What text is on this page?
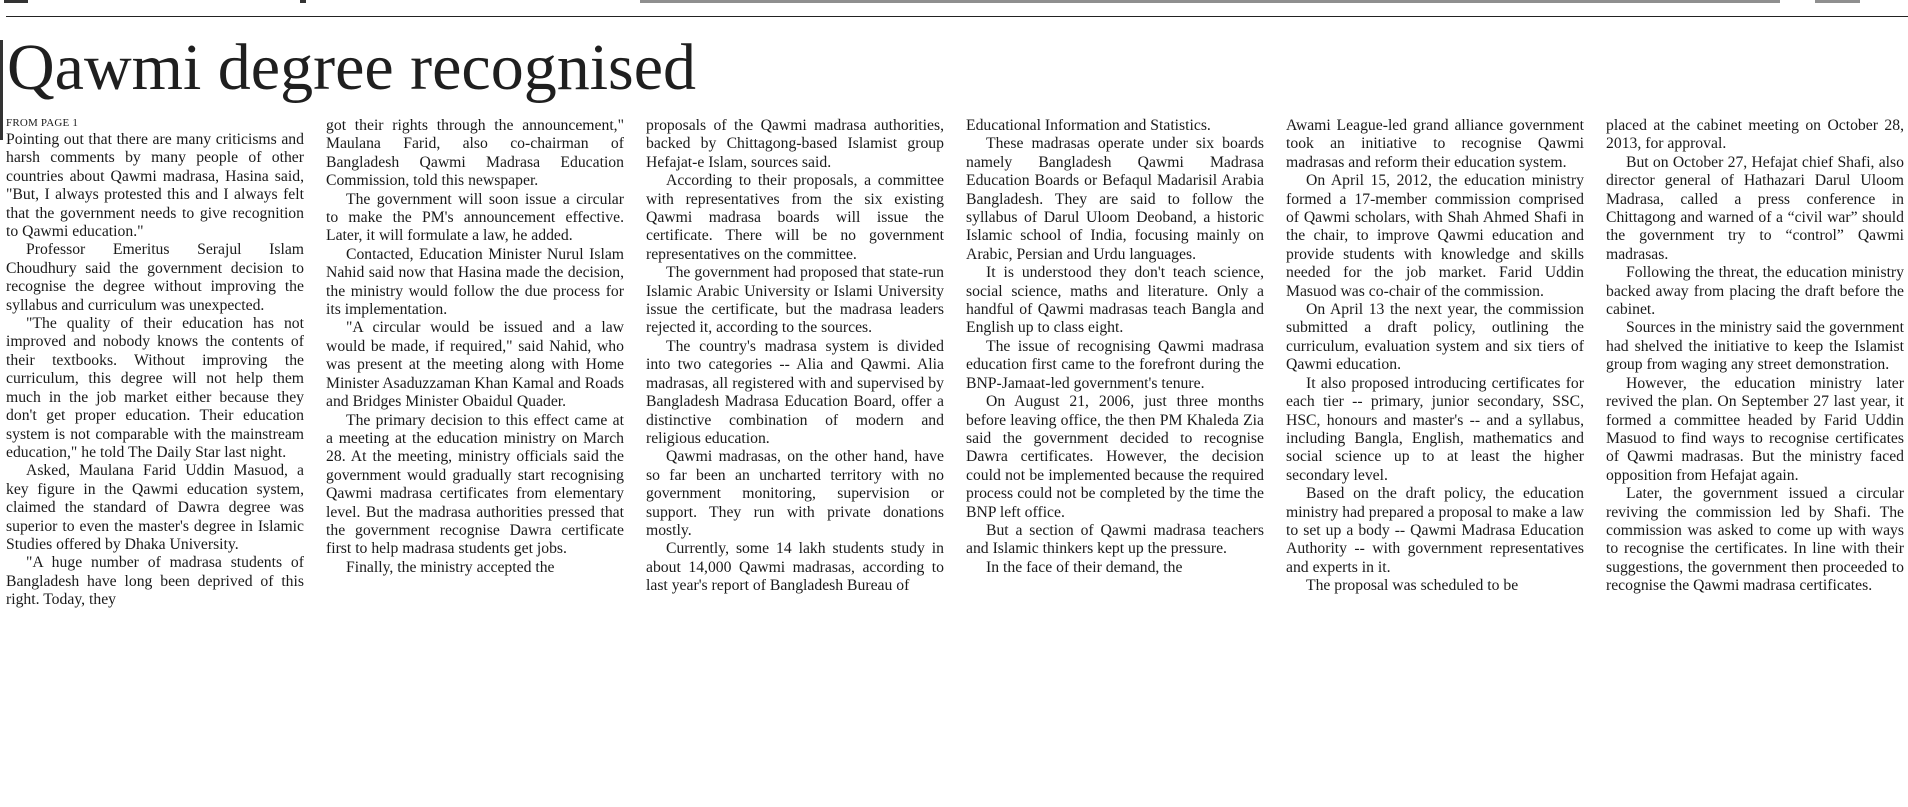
Qawmi degree recognised
FROM PAGE 1

Pointing out that there are many criticisms and harsh comments by many people of other countries about Qawmi madrasa, Hasina said, "But, I always protested this and I always felt that the government needs to give recognition to Qawmi education."

Professor Emeritus Serajul Islam Choudhury said the government decision to recognise the degree without improving the syllabus and curriculum was unexpected.

"The quality of their education has not improved and nobody knows the contents of their textbooks. Without improving the curriculum, this degree will not help them much in the job market either because they don't get proper education. Their education system is not comparable with the mainstream education," he told The Daily Star last night.

Asked, Maulana Farid Uddin Masuod, a key figure in the Qawmi education system, claimed the standard of Dawra degree was superior to even the master's degree in Islamic Studies offered by Dhaka University.

"A huge number of madrasa students of Bangladesh have long been deprived of this right. Today, they

got their rights through the announcement," Maulana Farid, also co-chairman of Bangladesh Qawmi Madrasa Education Commission, told this newspaper.

The government will soon issue a circular to make the PM's announcement effective. Later, it will formulate a law, he added.

Contacted, Education Minister Nurul Islam Nahid said now that Hasina made the decision, the ministry would follow the due process for its implementation.

"A circular would be issued and a law would be made, if required," said Nahid, who was present at the meeting along with Home Minister Asaduzzaman Khan Kamal and Roads and Bridges Minister Obaidul Quader.

The primary decision to this effect came at a meeting at the education ministry on March 28. At the meeting, ministry officials said the government would gradually start recognising Qawmi madrasa certificates from elementary level. But the madrasa authorities pressed that the government recognise Dawra certificate first to help madrasa students get jobs.

Finally, the ministry accepted the

proposals of the Qawmi madrasa authorities, backed by Chittagong-based Islamist group Hefajat-e Islam, sources said.

According to their proposals, a committee with representatives from the six existing Qawmi madrasa boards will issue the certificate. There will be no government representatives on the committee.

The government had proposed that state-run Islamic Arabic University or Islami University issue the certificate, but the madrasa leaders rejected it, according to the sources.

The country's madrasa system is divided into two categories -- Alia and Qawmi. Alia madrasas, all registered with and supervised by Bangladesh Madrasa Education Board, offer a distinctive combination of modern and religious education.

Qawmi madrasas, on the other hand, have so far been an uncharted territory with no government monitoring, supervision or support. They run with private donations mostly.

Currently, some 14 lakh students study in about 14,000 Qawmi madrasas, according to last year's report of Bangladesh Bureau of

Educational Information and Statistics.

These madrasas operate under six boards namely Bangladesh Qawmi Madrasa Education Boards or Befaqul Madarisil Arabia Bangladesh. They are said to follow the syllabus of Darul Uloom Deoband, a historic Islamic school of India, focusing mainly on Arabic, Persian and Urdu languages.

It is understood they don't teach science, social science, maths and literature. Only a handful of Qawmi madrasas teach Bangla and English up to class eight.

The issue of recognising Qawmi madrasa education first came to the forefront during the BNP-Jamaat-led government's tenure.

On August 21, 2006, just three months before leaving office, the then PM Khaleda Zia said the government decided to recognise Dawra certificates. However, the decision could not be implemented because the required process could not be completed by the time the BNP left office.

But a section of Qawmi madrasa teachers and Islamic thinkers kept up the pressure.

In the face of their demand, the

Awami League-led grand alliance government took an initiative to recognise Qawmi madrasas and reform their education system.

On April 15, 2012, the education ministry formed a 17-member commission comprised of Qawmi scholars, with Shah Ahmed Shafi in the chair, to improve Qawmi education and provide students with knowledge and skills needed for the job market. Farid Uddin Masuod was co-chair of the commission.

On April 13 the next year, the commission submitted a draft policy, outlining the curriculum, evaluation system and six tiers of Qawmi education.

It also proposed introducing certificates for each tier -- primary, junior secondary, SSC, HSC, honours and master's -- and a syllabus, including Bangla, English, mathematics and social science up to at least the higher secondary level.

Based on the draft policy, the education ministry had prepared a proposal to make a law to set up a body -- Qawmi Madrasa Education Authority -- with government representatives and experts in it.

The proposal was scheduled to be

placed at the cabinet meeting on October 28, 2013, for approval.

But on October 27, Hefajat chief Shafi, also director general of Hathazari Darul Uloom Madrasa, called a press conference in Chittagong and warned of a “civil war” should the government try to “control” Qawmi madrasas.

Following the threat, the education ministry backed away from placing the draft before the cabinet.

Sources in the ministry said the government had shelved the initiative to keep the Islamist group from waging any street demonstration.

However, the education ministry later revived the plan. On September 27 last year, it formed a committee headed by Farid Uddin Masuod to find ways to recognise certificates of Qawmi madrasas. But the ministry faced opposition from Hefajat again.

Later, the government issued a circular reviving the commission led by Shafi. The commission was asked to come up with ways to recognise the certificates. In line with their suggestions, the government then proceeded to recognise the Qawmi madrasa certificates.
